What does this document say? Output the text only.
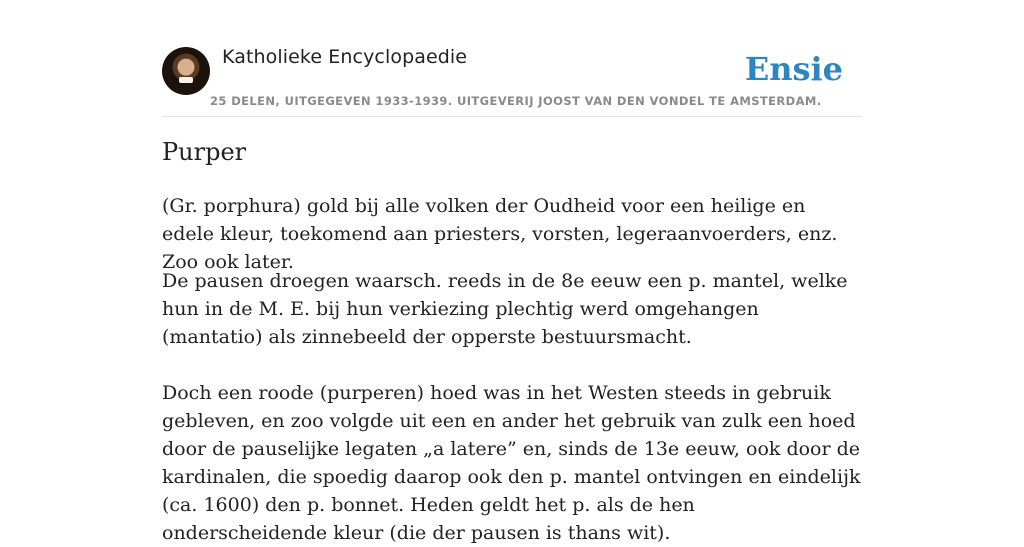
Katholieke Encyclopaedie
25 DELEN, UITGEGEVEN 1933-1939. UITGEVERIJ JOOST VAN DEN VONDEL TE AMSTERDAM.
Ensie
Purper

(Gr. porphura) gold bij alle volken der Oudheid voor een heilige en edele kleur, toekomend aan priesters, vorsten, legeraanvoerders, enz. Zoo ook later.

De pausen droegen waarsch. reeds in de 8e eeuw een p. mantel, welke hun in de M. E. bij hun verkiezing plechtig werd omgehangen (mantatio) als zinnebeeld der opperste bestuursmacht.

Doch een roode (purperen) hoed was in het Westen steeds in gebruik gebleven, en zoo volgde uit een en ander het gebruik van zulk een hoed door de pauselijke legaten „a latere” en, sinds de 13e eeuw, ook door de kardinalen, die spoedig daarop ook den p. mantel ontvingen en eindelijk (ca. 1600) den p. bonnet. Heden geldt het p. als de hen onderscheidende kleur (die der pausen is thans wit).
